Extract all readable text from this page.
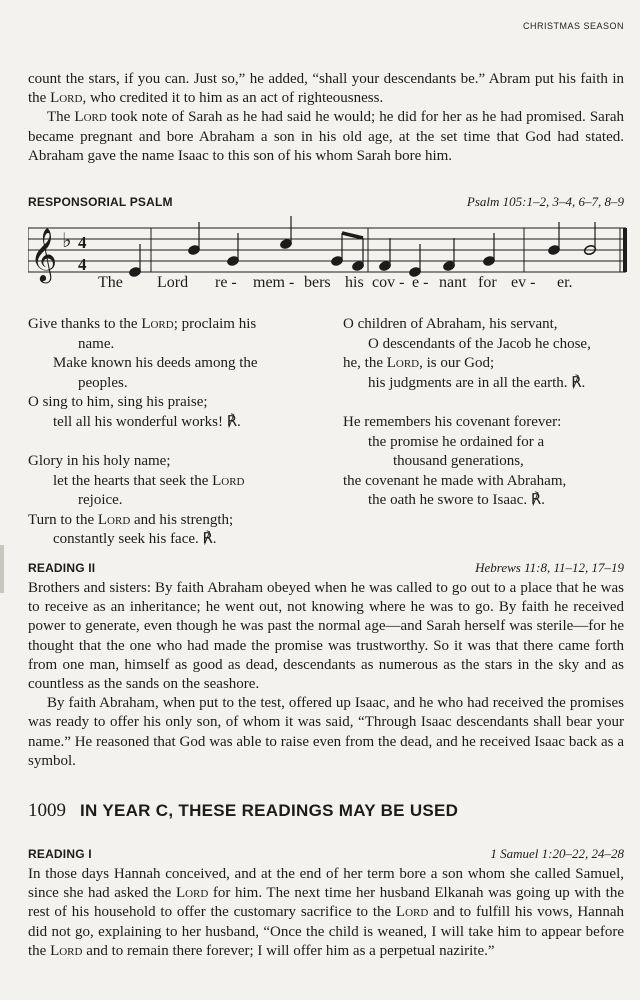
CHRISTMAS SEASON

count the stars, if you can. Just so,” he added, “shall your descendants be.” Abram put his faith in the Lord, who credited it to him as an act of righteousness.

The Lord took note of Sarah as he had said he would; he did for her as he had promised. Sarah became pregnant and bore Abraham a son in his old age, at the set time that God had stated. Abraham gave the name Isaac to this son of his whom Sarah bore him.

RESPONSORIAL PSALM	Psalm 105:1–2, 3–4, 6–7, 8–9
𝄞 ♭ 4
4
The Lord re - mem - bers his cov - e - nant for ev - er.
Give thanks to the Lord; proclaim his
name.
Make known his deeds among the
peoples.
O sing to him, sing his praise;
tell all his wonderful works! ℟.
Glory in his holy name;
let the hearts that seek the Lord
rejoice.
Turn to the Lord and his strength;
constantly seek his face. ℟.
O children of Abraham, his servant,
O descendants of the Jacob he chose,
he, the Lord, is our God;
his judgments are in all the earth. ℟.
He remembers his covenant forever:
the promise he ordained for a
thousand generations,
the covenant he made with Abraham,
the oath he swore to Isaac. ℟.
READING II	Hebrews 11:8, 11–12, 17–19

Brothers and sisters: By faith Abraham obeyed when he was called to go out to a place that he was to receive as an inheritance; he went out, not knowing where he was to go. By faith he received power to generate, even though he was past the normal age—and Sarah herself was sterile—for he thought that the one who had made the promise was trustworthy. So it was that there came forth from one man, himself as good as dead, descendants as numerous as the stars in the sky and as countless as the sands on the seashore.

By faith Abraham, when put to the test, offered up Isaac, and he who had received the promises was ready to offer his only son, of whom it was said, “Through Isaac descendants shall bear your name.” He reasoned that God was able to raise even from the dead, and he received Isaac back as a symbol.

1009 IN YEAR C, THESE READINGS MAY BE USED
READING I	1 Samuel 1:20–22, 24–28

In those days Hannah conceived, and at the end of her term bore a son whom she called Samuel, since she had asked the Lord for him. The next time her husband Elkanah was going up with the rest of his household to offer the customary sacrifice to the Lord and to fulfill his vows, Hannah did not go, explaining to her husband, “Once the child is weaned, I will take him to appear before the Lord and to remain there forever; I will offer him as a perpetual nazirite.”
